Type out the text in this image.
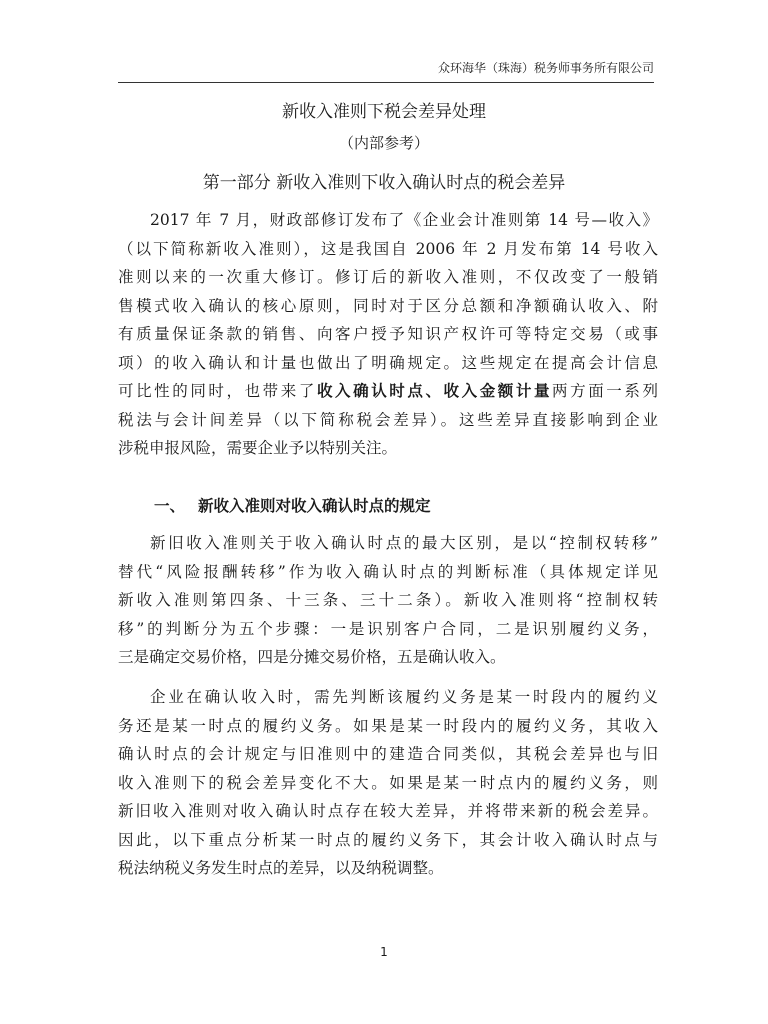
众环海华（珠海）税务师事务所有限公司
新收入准则下税会差异处理
（内部参考）
第一部分 新收入准则下收入确认时点的税会差异
2017 年 7 月，财政部修订发布了《企业会计准则第 14 号—收入》
（以下简称新收入准则），这是我国自 2006 年 2 月发布第 14 号收入
准则以来的一次重大修订。修订后的新收入准则，不仅改变了一般销
售模式收入确认的核心原则，同时对于区分总额和净额确认收入、附
有质量保证条款的销售、向客户授予知识产权许可等特定交易（或事
项）的收入确认和计量也做出了明确规定。这些规定在提高会计信息
可比性的同时，也带来了收入确认时点、收入金额计量两方面一系列
税法与会计间差异（以下简称税会差异）。这些差异直接影响到企业
涉税申报风险，需要企业予以特别关注。
一、 新收入准则对收入确认时点的规定
新旧收入准则关于收入确认时点的最大区别，是以“控制权转移”
替代“风险报酬转移”作为收入确认时点的判断标准（具体规定详见
新收入准则第四条、十三条、三十二条）。新收入准则将“控制权转
移”的判断分为五个步骤：一是识别客户合同，二是识别履约义务，
三是确定交易价格，四是分摊交易价格，五是确认收入。
企业在确认收入时，需先判断该履约义务是某一时段内的履约义
务还是某一时点的履约义务。如果是某一时段内的履约义务，其收入
确认时点的会计规定与旧准则中的建造合同类似，其税会差异也与旧
收入准则下的税会差异变化不大。如果是某一时点内的履约义务，则
新旧收入准则对收入确认时点存在较大差异，并将带来新的税会差异。
因此，以下重点分析某一时点的履约义务下，其会计收入确认时点与
税法纳税义务发生时点的差异，以及纳税调整。
1
